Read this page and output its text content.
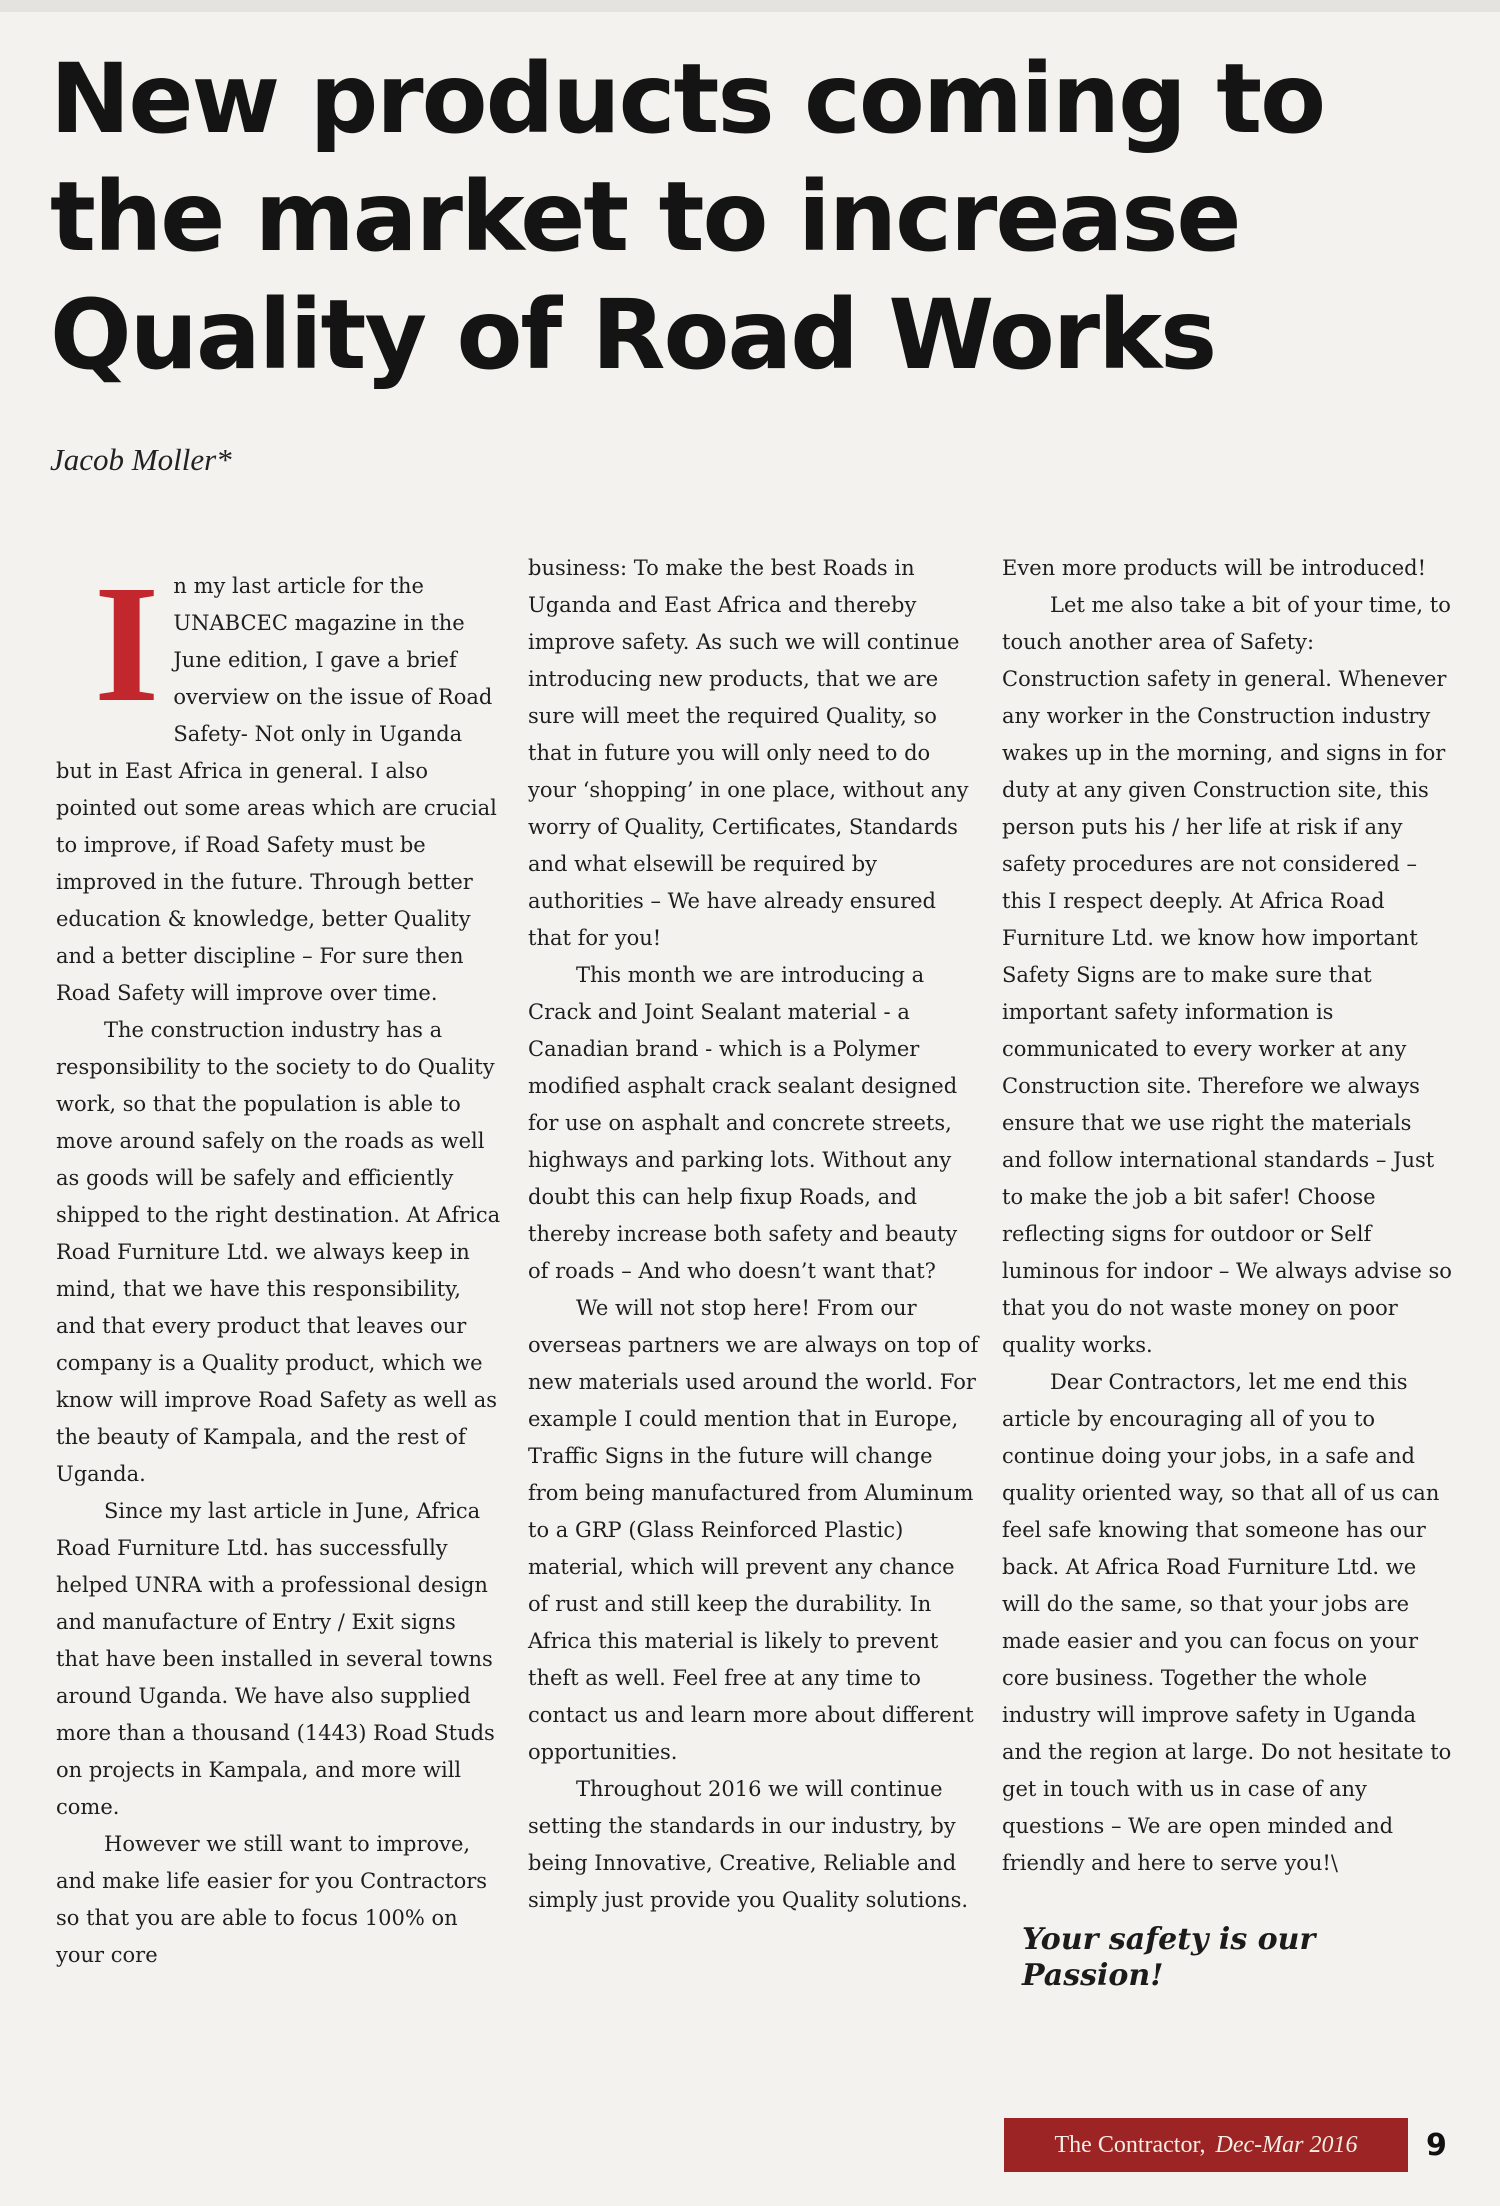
New products coming to the market to increase Quality of Road Works
Jacob Moller*

In my last article for the UNABCEC magazine in the June edition, I gave a brief overview on the issue of Road Safety- Not only in Uganda but in East Africa in general. I also pointed out some areas which are crucial to improve, if Road Safety must be improved in the future. Through better education & knowledge, better Quality and a better discipline – For sure then Road Safety will improve over time.

The construction industry has a responsibility to the society to do Quality work, so that the population is able to move around safely on the roads as well as goods will be safely and efficiently shipped to the right destination. At Africa Road Furniture Ltd. we always keep in mind, that we have this responsibility, and that every product that leaves our company is a Quality product, which we know will improve Road Safety as well as the beauty of Kampala, and the rest of Uganda.

Since my last article in June, Africa Road Furniture Ltd. has successfully helped UNRA with a professional design and manufacture of Entry / Exit signs that have been installed in several towns around Uganda. We have also supplied more than a thousand (1443) Road Studs on projects in Kampala, and more will come.

However we still want to improve, and make life easier for you Contractors so that you are able to focus 100% on your core

business: To make the best Roads in Uganda and East Africa and thereby improve safety. As such we will continue introducing new products, that we are sure will meet the required Quality, so that in future you will only need to do your ‘shopping’ in one place, without any worry of Quality, Certificates, Standards and what elsewill be required by authorities – We have already ensured that for you!

This month we are introducing a Crack and Joint Sealant material - a Canadian brand - which is a Polymer modified asphalt crack sealant designed for use on asphalt and concrete streets, highways and parking lots. Without any doubt this can help fixup Roads, and thereby increase both safety and beauty of roads – And who doesn’t want that?

We will not stop here! From our overseas partners we are always on top of new materials used around the world. For example I could mention that in Europe, Traffic Signs in the future will change from being manufactured from Aluminum to a GRP (Glass Reinforced Plastic) material, which will prevent any chance of rust and still keep the durability. In Africa this material is likely to prevent theft as well. Feel free at any time to contact us and learn more about different opportunities.

Throughout 2016 we will continue setting the standards in our industry, by being Innovative, Creative, Reliable and simply just provide you Quality solutions.

Even more products will be introduced!

Let me also take a bit of your time, to touch another area of Safety: Construction safety in general. Whenever any worker in the Construction industry wakes up in the morning, and signs in for duty at any given Construction site, this person puts his / her life at risk if any safety procedures are not considered – this I respect deeply. At Africa Road Furniture Ltd. we know how important Safety Signs are to make sure that important safety information is communicated to every worker at any Construction site. Therefore we always ensure that we use right the materials and follow international standards – Just to make the job a bit safer! Choose reflecting signs for outdoor or Self luminous for indoor – We always advise so that you do not waste money on poor quality works.

Dear Contractors, let me end this article by encouraging all of you to continue doing your jobs, in a safe and quality oriented way, so that all of us can feel safe knowing that someone has our back. At Africa Road Furniture Ltd. we will do the same, so that your jobs are made easier and you can focus on your core business. Together the whole industry will improve safety in Uganda and the region at large. Do not hesitate to get in touch with us in case of any questions – We are open minded and friendly and here to serve you!\

Your safety is our Passion!
The Contractor, Dec-Mar 2016 9
